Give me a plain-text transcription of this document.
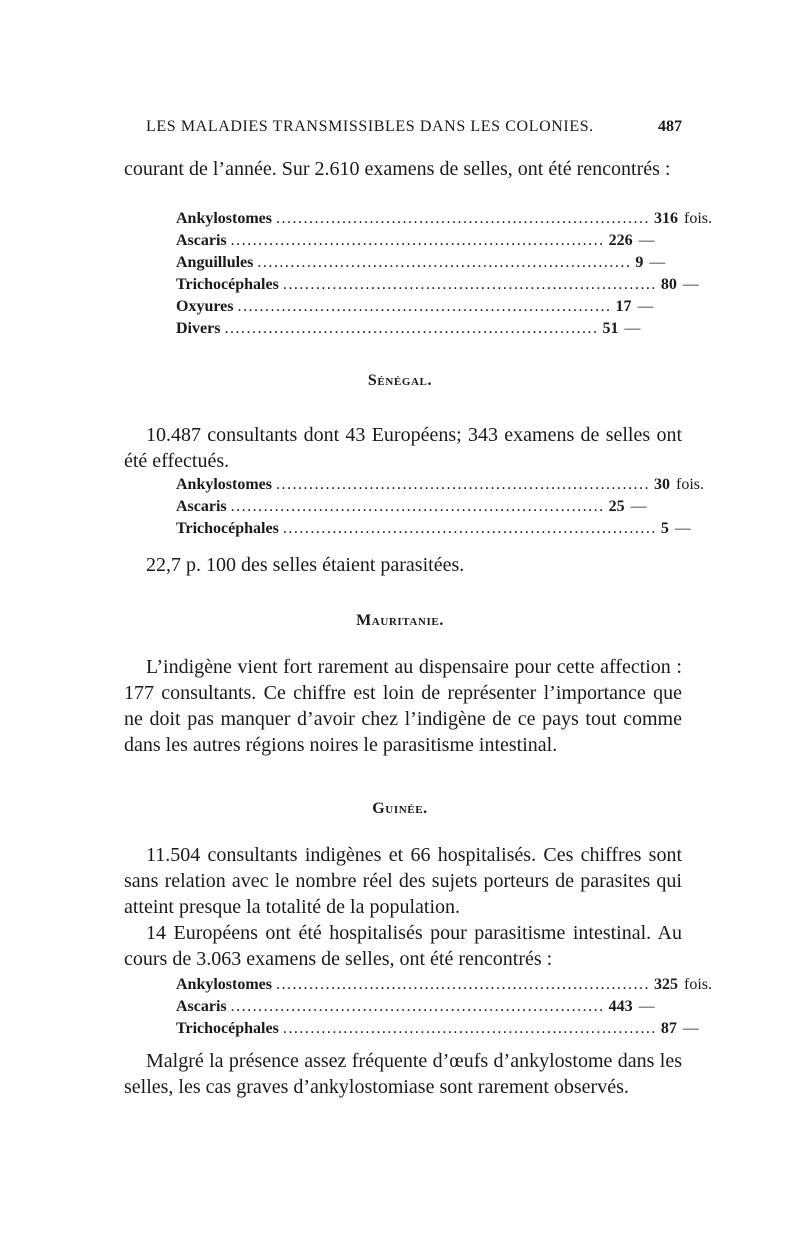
LES MALADIES TRANSMISSIBLES DANS LES COLONIES.	487

courant de l’année. Sur 2.610 examens de selles, ont été rencontrés :

Ankylostomes .................................................................... 316 fois.
Ascaris .................................................................... 226 —
Anguillules .................................................................... 9 —
Trichocéphales .................................................................... 80 —
Oxyures .................................................................... 17 —
Divers .................................................................... 51 —
Sénégal.

10.487 consultants dont 43 Européens; 343 examens de selles ont été effectués.

Ankylostomes .................................................................... 30 fois.
Ascaris .................................................................... 25 —
Trichocéphales .................................................................... 5 —

22,7 p. 100 des selles étaient parasitées.

Mauritanie.

L’indigène vient fort rarement au dispensaire pour cette affection : 177 consultants. Ce chiffre est loin de représenter l’importance que ne doit pas manquer d’avoir chez l’indigène de ce pays tout comme dans les autres régions noires le parasitisme intestinal.

Guinée.

11.504 consultants indigènes et 66 hospitalisés. Ces chiffres sont sans relation avec le nombre réel des sujets porteurs de parasites qui atteint presque la totalité de la population.

14 Européens ont été hospitalisés pour parasitisme intestinal. Au cours de 3.063 examens de selles, ont été rencontrés :

Ankylostomes .................................................................... 325 fois.
Ascaris .................................................................... 443 —
Trichocéphales .................................................................... 87 —

Malgré la présence assez fréquente d’œufs d’ankylostome dans les selles, les cas graves d’ankylostomiase sont rarement observés.
